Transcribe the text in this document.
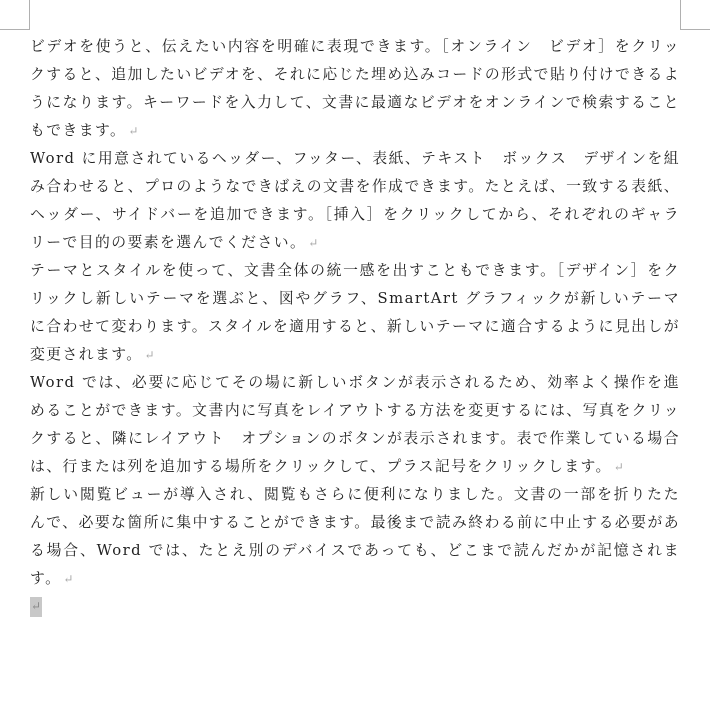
ビデオを使うと、伝えたい内容を明確に表現できます。［オンライン　ビデオ］をクリックすると、追加したいビデオを、それに応じた埋め込みコードの形式で貼り付けできるようになります。キーワードを入力して、文書に最適なビデオをオンラインで検索することもできます。 ↵

Word に用意されているヘッダー、フッター、表紙、テキスト　ボックス　デザインを組み合わせると、プロのようなできばえの文書を作成できます。たとえば、一致する表紙、ヘッダー、サイドバーを追加できます。［挿入］をクリックしてから、それぞれのギャラリーで目的の要素を選んでください。 ↵

テーマとスタイルを使って、文書全体の統一感を出すこともできます。［デザイン］をクリックし新しいテーマを選ぶと、図やグラフ、SmartArt グラフィックが新しいテーマに合わせて変わります。スタイルを適用すると、新しいテーマに適合するように見出しが変更されます。 ↵

Word では、必要に応じてその場に新しいボタンが表示されるため、効率よく操作を進めることができます。文書内に写真をレイアウトする方法を変更するには、写真をクリックすると、隣にレイアウト　オプションのボタンが表示されます。表で作業している場合は、行または列を追加する場所をクリックして、プラス記号をクリックします。 ↵

新しい閲覧ビューが導入され、閲覧もさらに便利になりました。文書の一部を折りたたんで、必要な箇所に集中することができます。最後まで読み終わる前に中止する必要がある場合、Word では、たとえ別のデバイスであっても、どこまで読んだかが記憶されます。 ↵

↵
